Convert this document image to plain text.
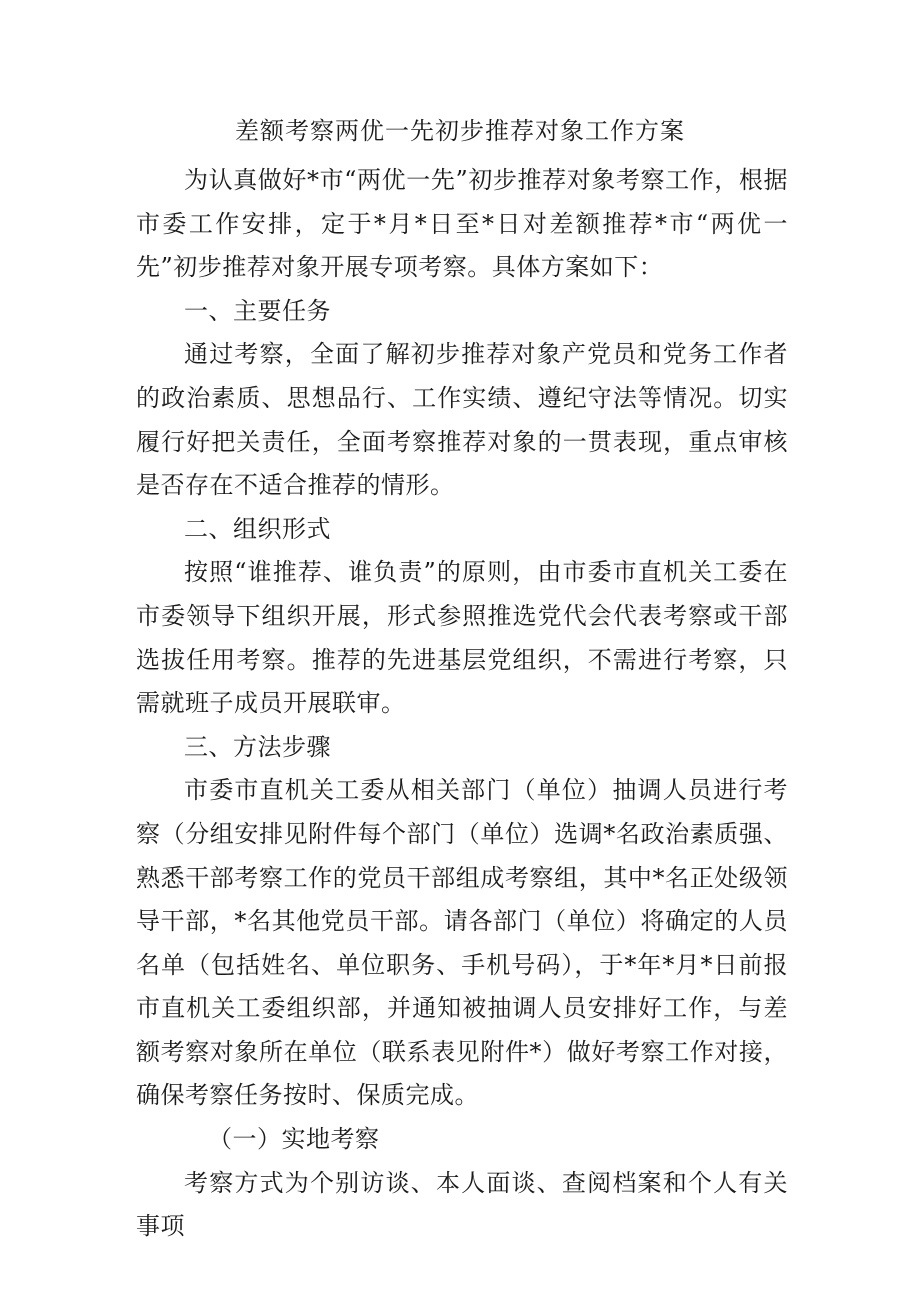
差额考察两优一先初步推荐对象工作方案

为认真做好*市“两优一先”初步推荐对象考察工作，根据市委工作安排，定于*月*日至*日对差额推荐*市“两优一先”初步推荐对象开展专项考察。具体方案如下：

一、主要任务

通过考察，全面了解初步推荐对象产党员和党务工作者的政治素质、思想品行、工作实绩、遵纪守法等情况。切实履行好把关责任，全面考察推荐对象的一贯表现，重点审核是否存在不适合推荐的情形。

二、组织形式

按照“谁推荐、谁负责”的原则，由市委市直机关工委在市委领导下组织开展，形式参照推选党代会代表考察或干部选拔任用考察。推荐的先进基层党组织，不需进行考察，只需就班子成员开展联审。

三、方法步骤

市委市直机关工委从相关部门（单位）抽调人员进行考察（分组安排见附件每个部门（单位）选调*名政治素质强、熟悉干部考察工作的党员干部组成考察组，其中*名正处级领导干部，*名其他党员干部。请各部门（单位）将确定的人员名单（包括姓名、单位职务、手机号码），于*年*月*日前报市直机关工委组织部，并通知被抽调人员安排好工作，与差额考察对象所在单位（联系表见附件*）做好考察工作对接，确保考察任务按时、保质完成。

（一）实地考察

考察方式为个别访谈、本人面谈、查阅档案和个人有关事项
